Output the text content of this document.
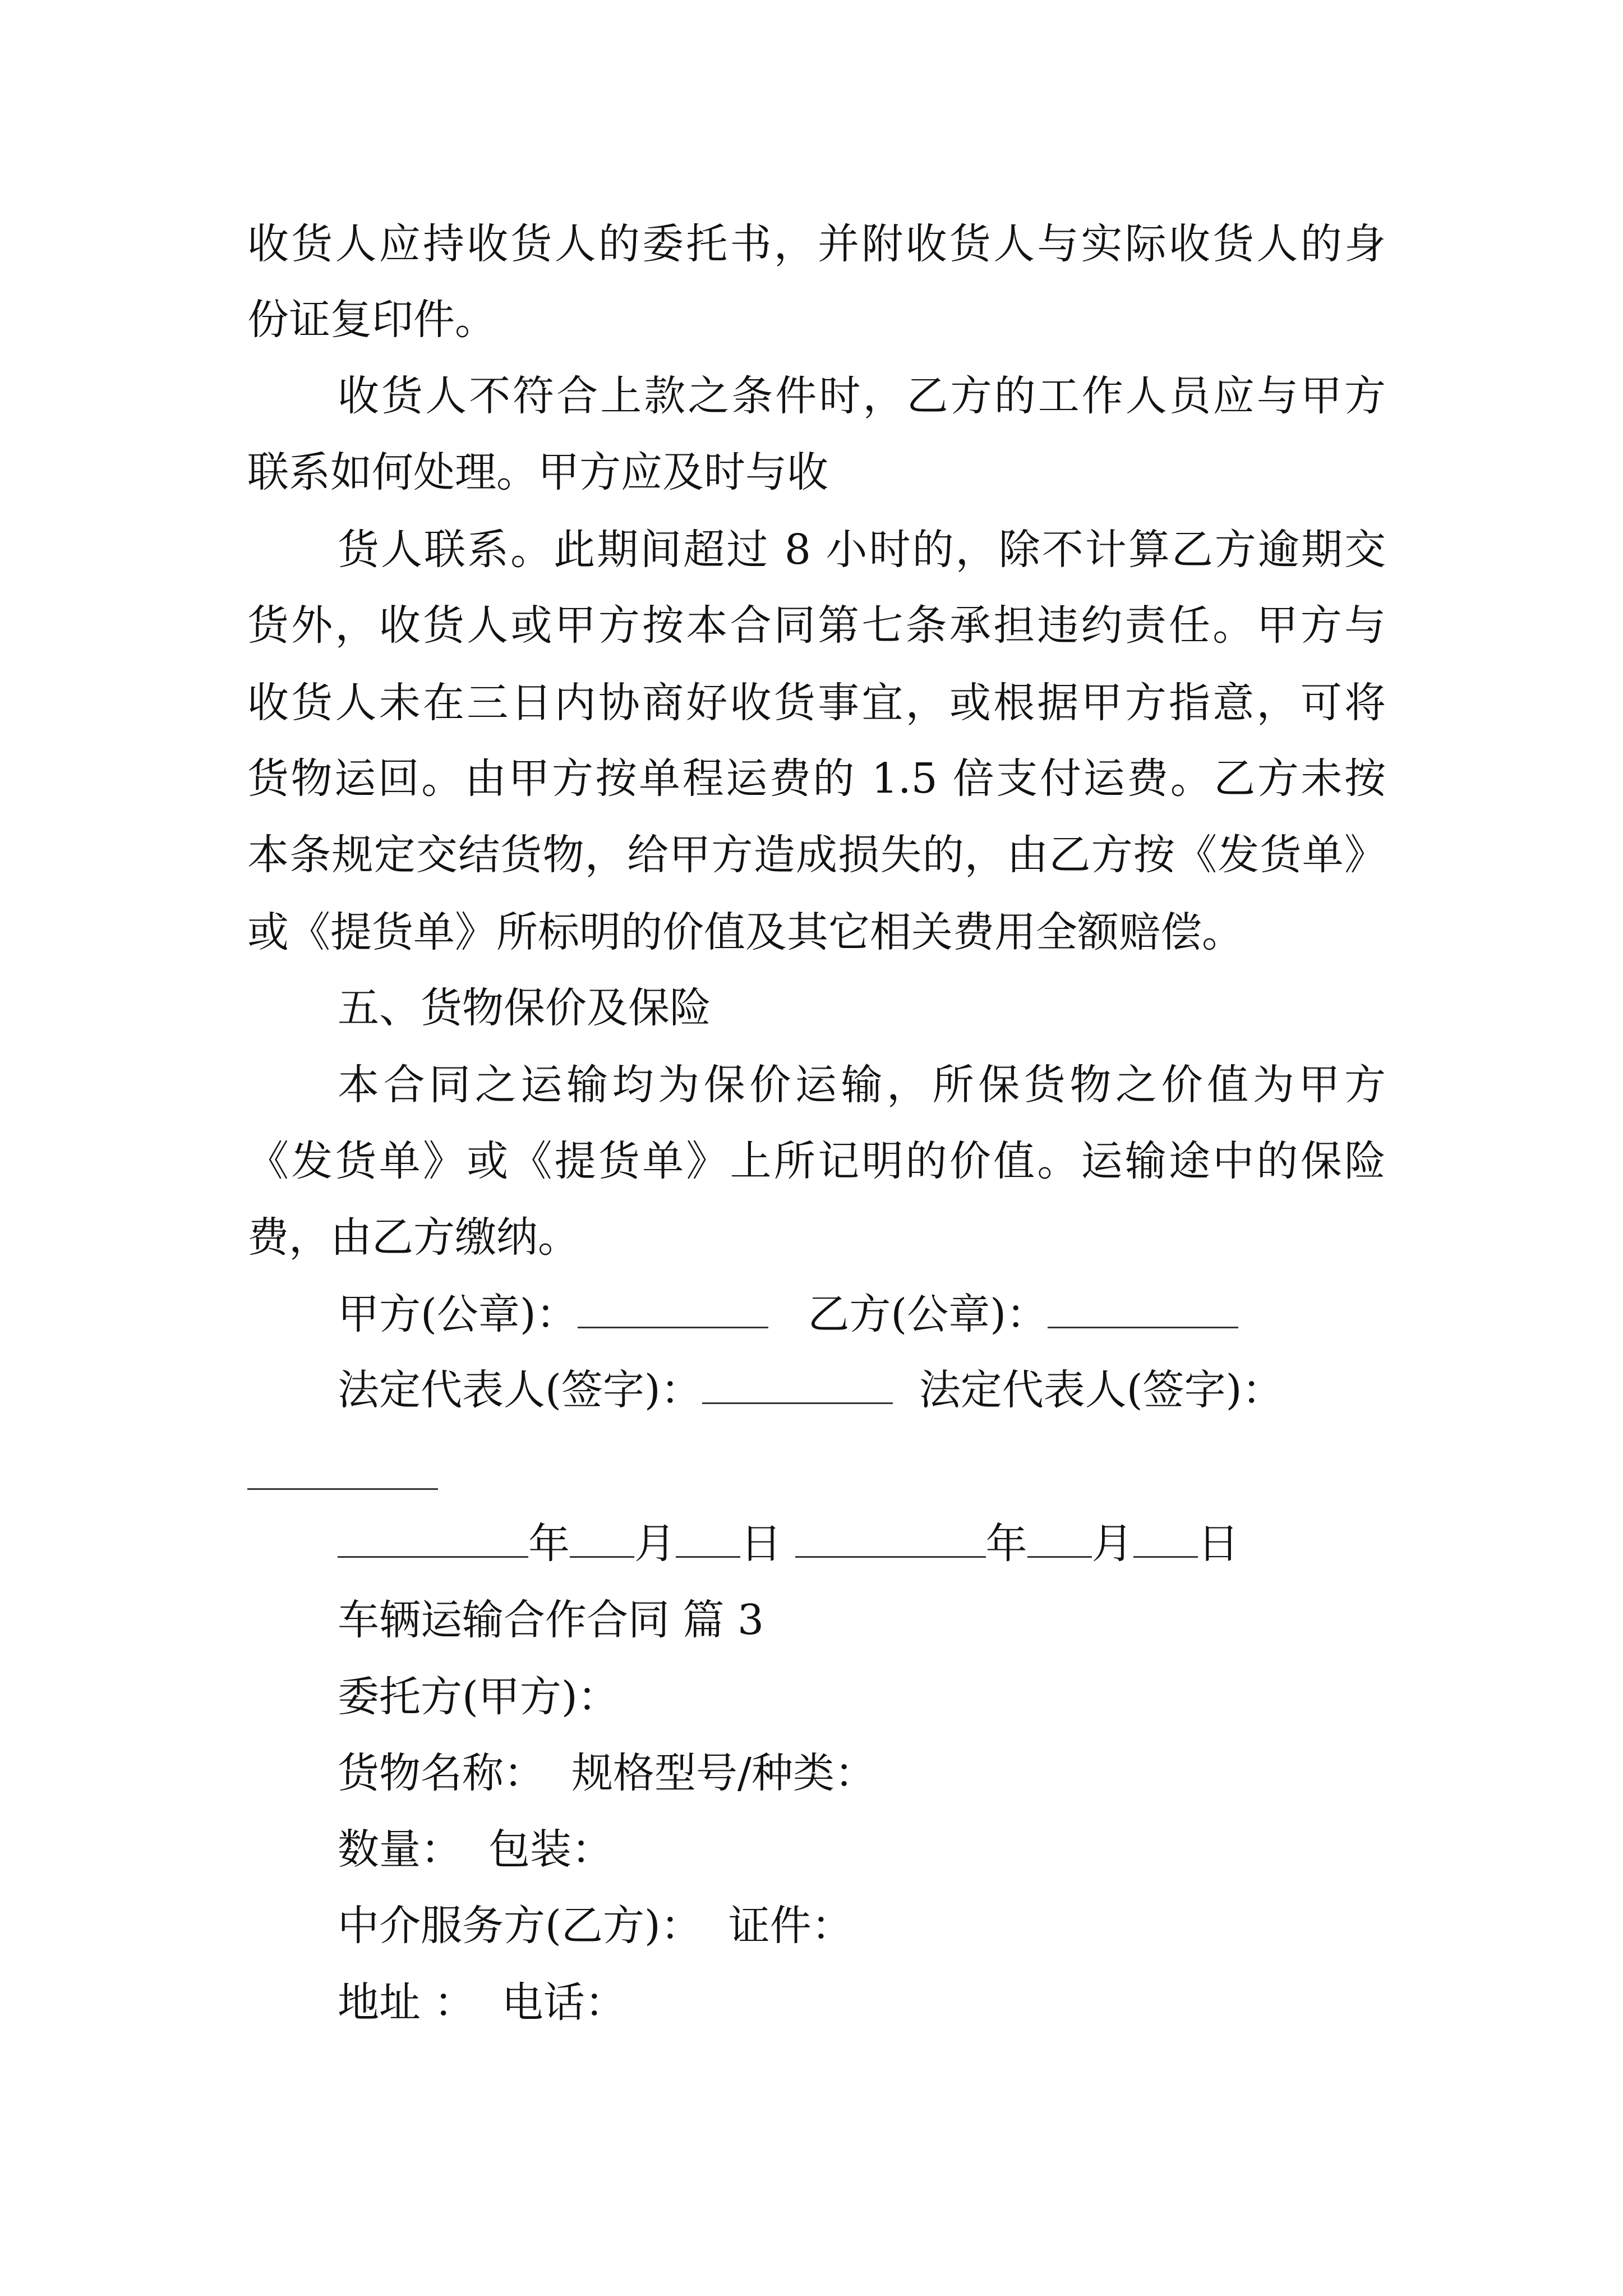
收货人应持收货人的委托书，并附收货人与实际收货人的身
份证复印件。
收货人不符合上款之条件时，乙方的工作人员应与甲方
联系如何处理。甲方应及时与收
货人联系。此期间超过 8 小时的，除不计算乙方逾期交
货外，收货人或甲方按本合同第七条承担违约责任。甲方与
收货人未在三日内协商好收货事宜，或根据甲方指意，可将
货物运回。由甲方按单程运费的 1.5 倍支付运费。乙方未按
本条规定交结货物，给甲方造成损失的，由乙方按《发货单》
或《提货单》所标明的价值及其它相关费用全额赔偿。
五、货物保价及保险
本合同之运输均为保价运输，所保货物之价值为甲方
《发货单》或《提货单》上所记明的价值。运输途中的保险
费，由乙方缴纳。
甲方(公章)：	乙方(公章)：
法定代表人(签字)：	法定代表人(签字)：
年 月 日	年 月 日
车辆运输合作合同 篇 3
委托方(甲方)：
货物名称： 规格型号/种类：
数量： 包装：
中介服务方(乙方)： 证件：
地址 ： 电话：
